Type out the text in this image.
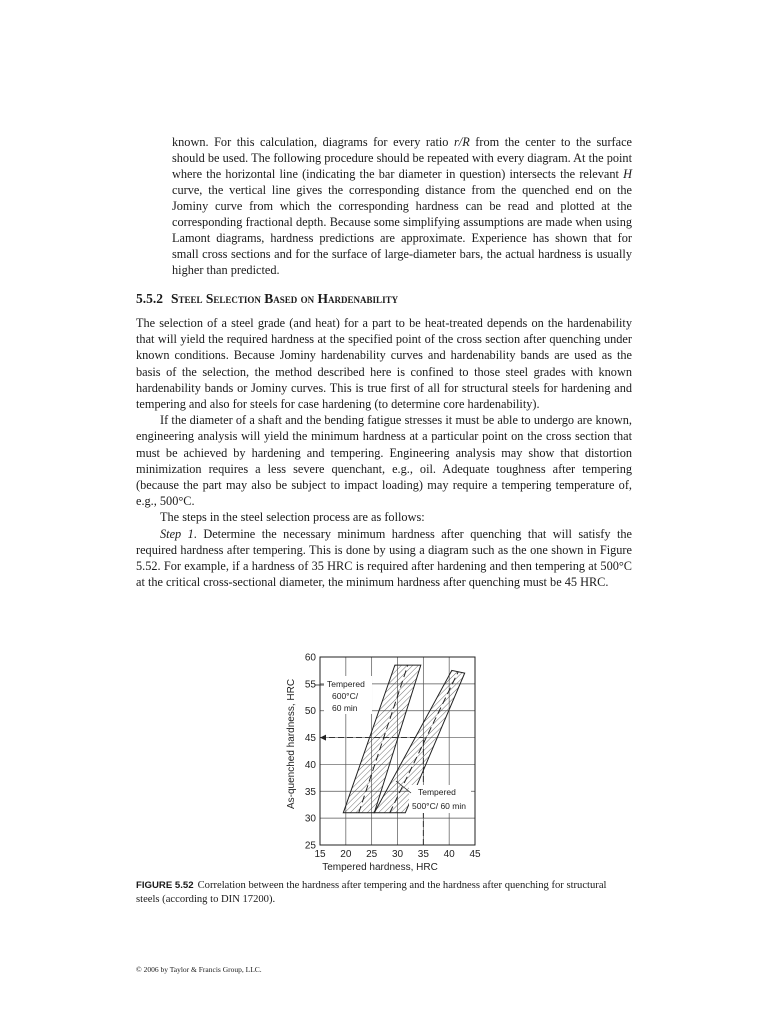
known. For this calculation, diagrams for every ratio r/R from the center to the surface should be used. The following procedure should be repeated with every diagram. At the point where the horizontal line (indicating the bar diameter in question) intersects the relevant H curve, the vertical line gives the corresponding distance from the quenched end on the Jominy curve from which the corresponding hardness can be read and plotted at the corresponding fractional depth. Because some simplifying assumptions are made when using Lamont diagrams, hardness predictions are approximate. Experience has shown that for small cross sections and for the surface of large-diameter bars, the actual hardness is usually higher than predicted.

5.5.2 Steel Selection Based on Hardenability

The selection of a steel grade (and heat) for a part to be heat-treated depends on the hardenability that will yield the required hardness at the specified point of the cross section after quenching under known conditions. Because Jominy hardenability curves and hardenability bands are used as the basis of the selection, the method described here is confined to those steel grades with known hardenability bands or Jominy curves. This is true first of all for structural steels for hardening and tempering and also for steels for case hardening (to determine core hardenability).

If the diameter of a shaft and the bending fatigue stresses it must be able to undergo are known, engineering analysis will yield the minimum hardness at a particular point on the cross section that must be achieved by hardening and tempering. Engineering analysis may show that distortion minimization requires a less severe quenchant, e.g., oil. Adequate toughness after tempering (because the part may also be subject to impact loading) may require a tempering temperature of, e.g., 500°C.

The steps in the steel selection process are as follows:

Step 1. Determine the necessary minimum hardness after quenching that will satisfy the required hardness after tempering. This is done by using a diagram such as the one shown in Figure 5.52. For example, if a hardness of 35 HRC is required after hardening and then tempering at 500°C at the critical cross-sectional diameter, the minimum hardness after quenching must be 45 HRC.

15 20 25 30 35 40 45
25
30
35
40
45
50
55
60
Tempered hardness, HRC
As-quenched hardness, HRC	Tempered
600°C/
60 min
Tempered
500°C/ 60 min

FIGURE 5.52 Correlation between the hardness after tempering and the hardness after quenching for structural steels (according to DIN 17200).

© 2006 by Taylor & Francis Group, LLC.
